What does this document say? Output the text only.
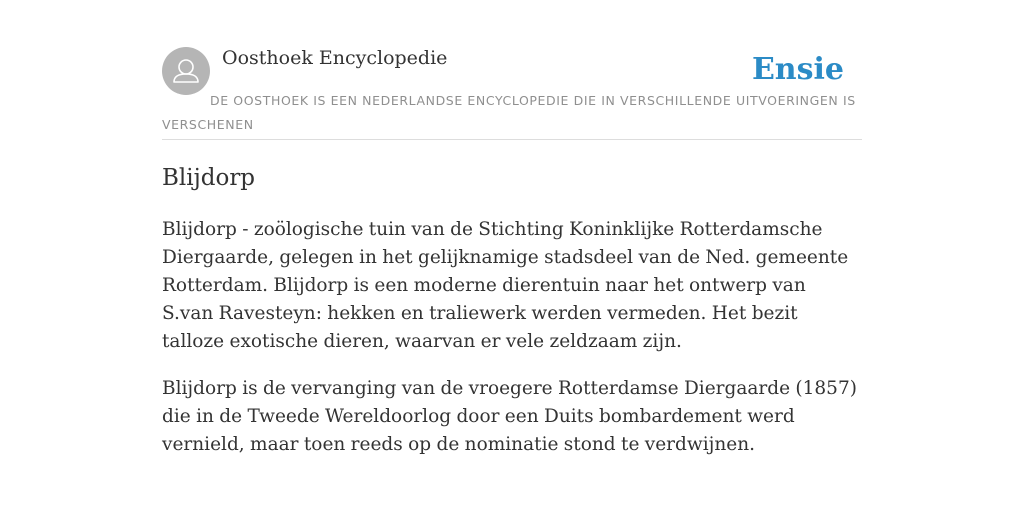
Oosthoek Encyclopedie	Ensie
DE OOSTHOEK IS EEN NEDERLANDSE ENCYCLOPEDIE DIE IN VERSCHILLENDE UITVOERINGEN IS VERSCHENEN
Blijdorp

Blijdorp - zoölogische tuin van de Stichting Koninklijke Rotterdamsche Diergaarde, gelegen in het gelijknamige stadsdeel van de Ned. gemeente Rotterdam. Blijdorp is een moderne dierentuin naar het ontwerp van S.van Ravesteyn: hekken en traliewerk werden vermeden. Het bezit talloze exotische dieren, waarvan er vele zeldzaam zijn.

Blijdorp is de vervanging van de vroegere Rotterdamse Diergaarde (1857) die in de Tweede Wereldoorlog door een Duits bombardement werd vernield, maar toen reeds op de nominatie stond te verdwijnen.
